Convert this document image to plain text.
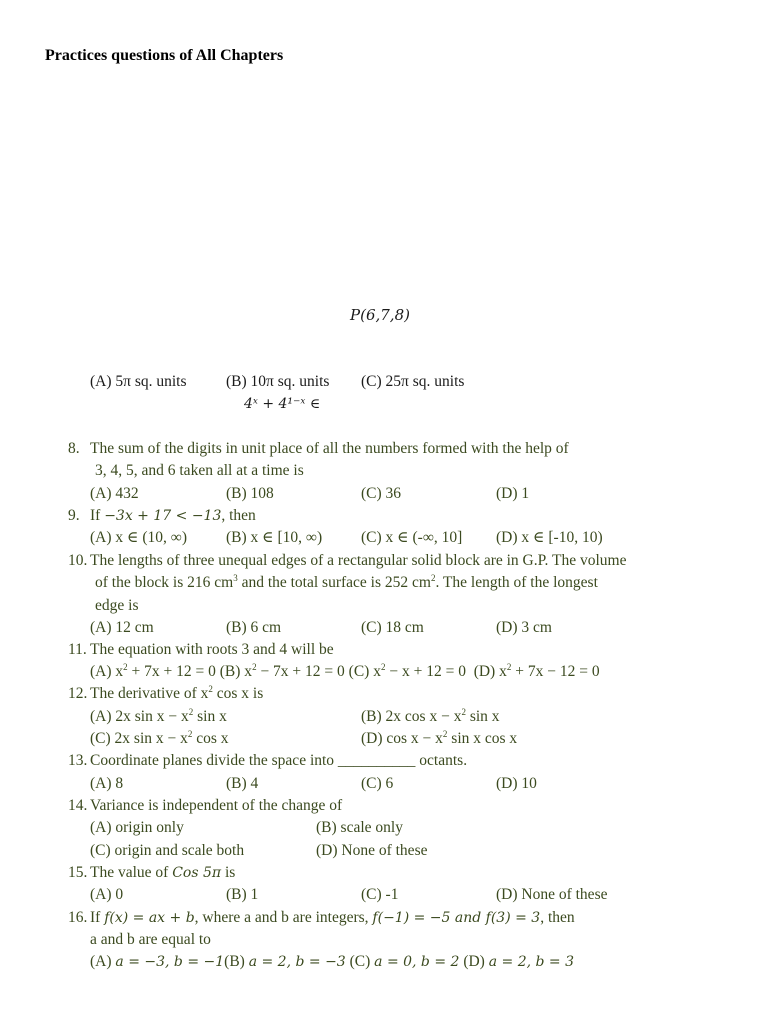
Practices questions of All Chapters
P(6,7,8)
(A) 5π sq. units	(B) 10π sq. units (C) 25π sq. units
4ˣ + 4¹⁻ˣ ∈
8. The sum of the digits in unit place of all the numbers formed with the help of
3, 4, 5, and 6 taken all at a time is
(A) 432	(B) 108	(C) 36	(D) 1
9. If −3x + 17 < −13, then
(A) x ∈ (10, ∞)	(B) x ∈ [10, ∞)	(C) x ∈ (-∞, 10] (D) x ∈ [-10, 10)
10. The lengths of three unequal edges of a rectangular solid block are in G.P. The volume
of the block is 216 $cm^3$ and the total surface is 252 $cm^2$. The length of the longest
edge is
(A) 12 cm	(B) 6 cm	(C) 18 cm	(D) 3 cm
11. The equation with roots 3 and 4 will be
(A) $x^2 + 7x + 12 = 0$ (B) $x^2 - 7x + 12 = 0$ (C) $x^2 - x + 12 = 0$ (D) $x^2 + 7x - 12 = 0$
12. The derivative of $x^2$ cos x is
(A) 2x $\sin x - x^2$ sin x	(B) 2x $\cos x - x^2$ sin x
(C) 2x $\sin x - x^2$ cos x	(D) $\cos x - x^2$ sin x cos x
13. Coordinate planes divide the space into __________ octants.
(A) 8	(B) 4	(C) 6	(D) 10
14. Variance is independent of the change of
(A) origin only	(B) scale only
(C) origin and scale both	(D) None of these
15. The value of Cos 5π is
(A) 0	(B) 1	(C) -1	(D) None of these
16. If f(x) = ax + b, where a and b are integers, f(−1) = −5 and f(3) = 3, then
a and b are equal to
(A) a = −3, b = −1(B) a = 2, b = −3 (C) a = 0, b = 2 (D) a = 2, b = 3
